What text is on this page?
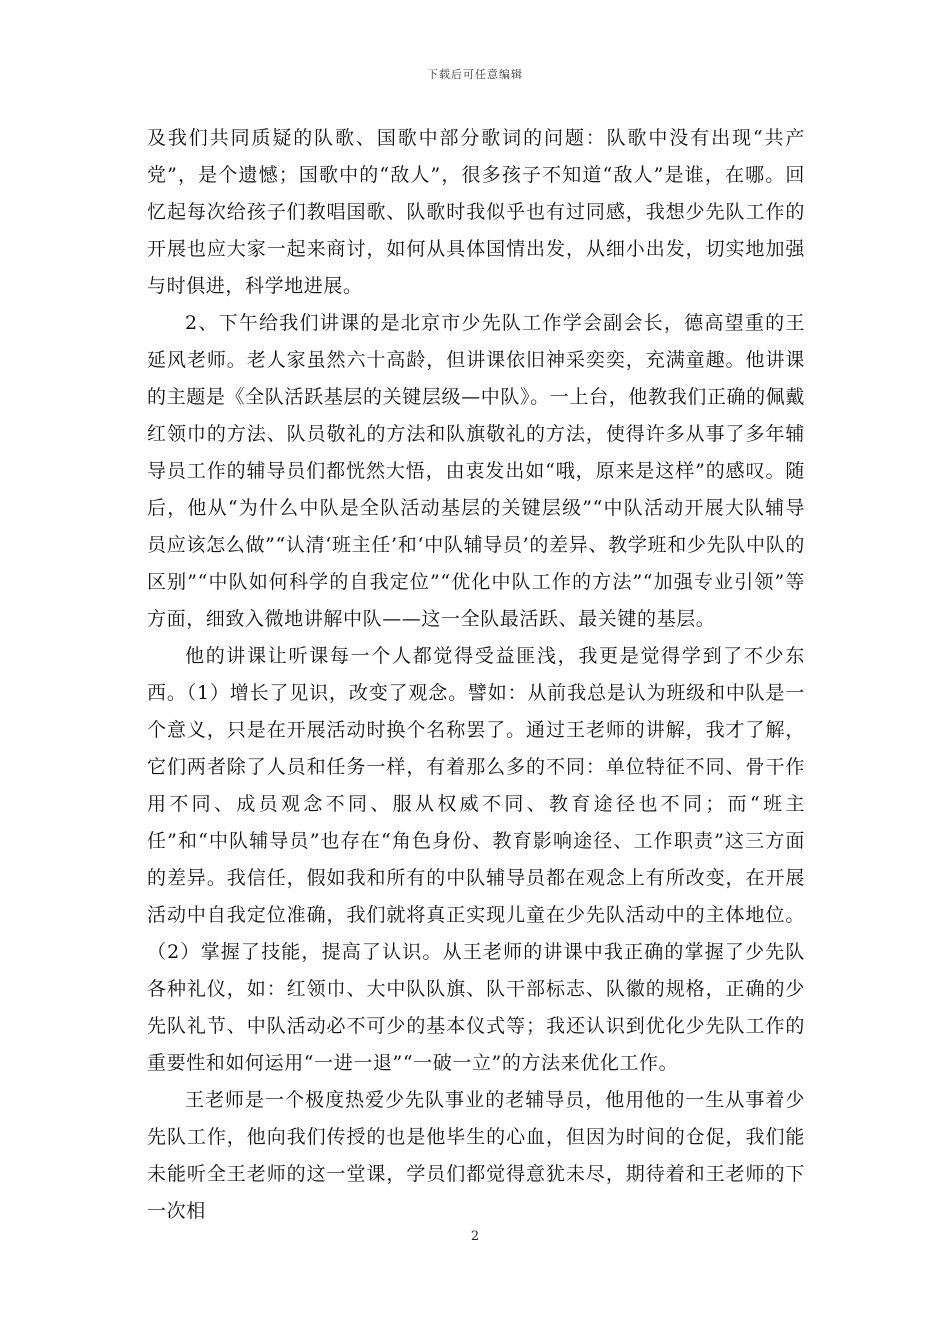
下载后可任意编辑

及我们共同质疑的队歌、国歌中部分歌词的问题：队歌中没有出现“共产党”，是个遗憾；国歌中的“敌人”，很多孩子不知道“敌人”是谁，在哪。回忆起每次给孩子们教唱国歌、队歌时我似乎也有过同感，我想少先队工作的开展也应大家一起来商讨，如何从具体国情出发，从细小出发，切实地加强与时俱进，科学地进展。

2、下午给我们讲课的是北京市少先队工作学会副会长，德高望重的王延风老师。老人家虽然六十高龄，但讲课依旧神采奕奕，充满童趣。他讲课的主题是《全队活跃基层的关键层级—中队》。一上台，他教我们正确的佩戴红领巾的方法、队员敬礼的方法和队旗敬礼的方法，使得许多从事了多年辅导员工作的辅导员们都恍然大悟，由衷发出如“哦，原来是这样”的感叹。随后，他从“为什么中队是全队活动基层的关键层级”“中队活动开展大队辅导员应该怎么做”“认清‘班主任’和‘中队辅导员’的差异、教学班和少先队中队的区别”“中队如何科学的自我定位”“优化中队工作的方法”“加强专业引领”等方面，细致入微地讲解中队——这一全队最活跃、最关键的基层。

他的讲课让听课每一个人都觉得受益匪浅，我更是觉得学到了不少东西。（1）增长了见识，改变了观念。譬如：从前我总是认为班级和中队是一个意义，只是在开展活动时换个名称罢了。通过王老师的讲解，我才了解，它们两者除了人员和任务一样，有着那么多的不同：单位特征不同、骨干作用不同、成员观念不同、服从权威不同、教育途径也不同；而“班主任”和“中队辅导员”也存在“角色身份、教育影响途径、工作职责”这三方面的差异。我信任，假如我和所有的中队辅导员都在观念上有所改变，在开展活动中自我定位准确，我们就将真正实现儿童在少先队活动中的主体地位。（2）掌握了技能，提高了认识。从王老师的讲课中我正确的掌握了少先队各种礼仪，如：红领巾、大中队队旗、队干部标志、队徽的规格，正确的少先队礼节、中队活动必不可少的基本仪式等；我还认识到优化少先队工作的重要性和如何运用“一进一退”“一破一立”的方法来优化工作。

王老师是一个极度热爱少先队事业的老辅导员，他用他的一生从事着少先队工作，他向我们传授的也是他毕生的心血，但因为时间的仓促，我们能未能听全王老师的这一堂课，学员们都觉得意犹未尽，期待着和王老师的下一次相

2
